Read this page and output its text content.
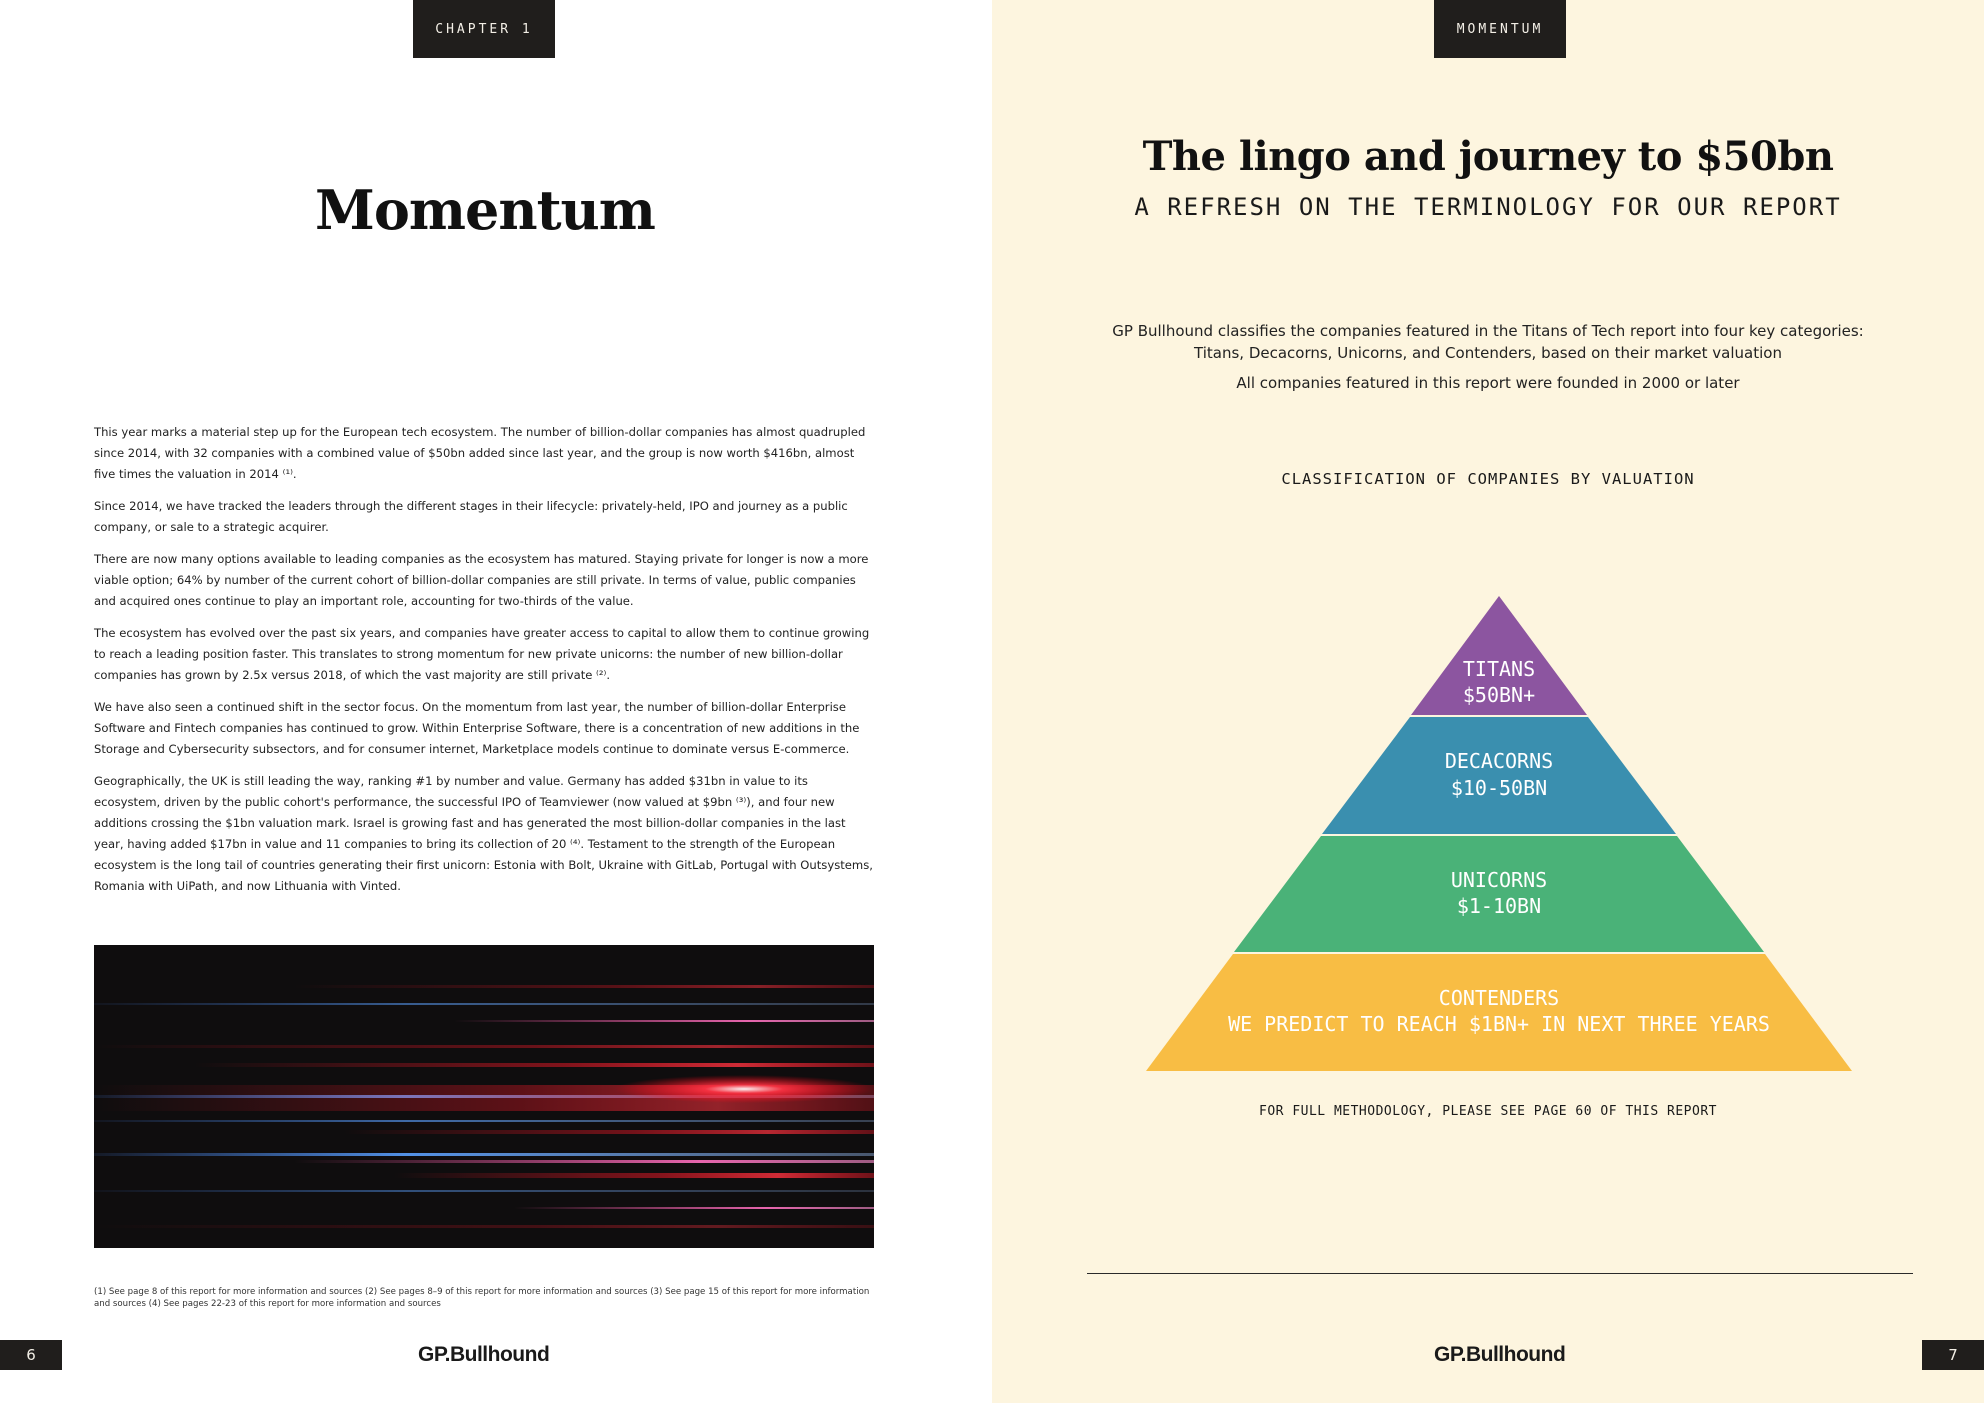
CHAPTER 1
Momentum

This year marks a material step up for the European tech ecosystem. The number of billion-dollar companies has almost quadrupled since 2014, with 32 companies with a combined value of $50bn added since last year, and the group is now worth $416bn, almost five times the valuation in 2014 ⁽¹⁾.

Since 2014, we have tracked the leaders through the different stages in their lifecycle: privately-held, IPO and journey as a public company, or sale to a strategic acquirer.

There are now many options available to leading companies as the ecosystem has matured. Staying private for longer is now a more viable option; 64% by number of the current cohort of billion-dollar companies are still private. In terms of value, public companies and acquired ones continue to play an important role, accounting for two-thirds of the value.

The ecosystem has evolved over the past six years, and companies have greater access to capital to allow them to continue growing to reach a leading position faster. This translates to strong momentum for new private unicorns: the number of new billion-dollar companies has grown by 2.5x versus 2018, of which the vast majority are still private ⁽²⁾.

We have also seen a continued shift in the sector focus. On the momentum from last year, the number of billion-dollar Enterprise Software and Fintech companies has continued to grow. Within Enterprise Software, there is a concentration of new additions in the Storage and Cybersecurity subsectors, and for consumer internet, Marketplace models continue to dominate versus E-commerce.

Geographically, the UK is still leading the way, ranking #1 by number and value. Germany has added $31bn in value to its ecosystem, driven by the public cohort's performance, the successful IPO of Teamviewer (now valued at $9bn ⁽³⁾), and four new additions crossing the $1bn valuation mark. Israel is growing fast and has generated the most billion-dollar companies in the last year, having added $17bn in value and 11 companies to bring its collection of 20 ⁽⁴⁾. Testament to the strength of the European ecosystem is the long tail of countries generating their first unicorn: Estonia with Bolt, Ukraine with GitLab, Portugal with Outsystems, Romania with UiPath, and now Lithuania with Vinted.

(1) See page 8 of this report for more information and sources (2) See pages 8–9 of this report for more information and sources (3) See page 15 of this report for more information and sources (4) See pages 22-23 of this report for more information and sources
6	GP.Bullhound
MOMENTUM
The lingo and journey to $50bn
A REFRESH ON THE TERMINOLOGY FOR OUR REPORT

GP Bullhound classifies the companies featured in the Titans of Tech report into four key categories: Titans, Decacorns, Unicorns, and Contenders, based on their market valuation

All companies featured in this report were founded in 2000 or later

CLASSIFICATION OF COMPANIES BY VALUATION
TITANS
$50BN+
DECACORNS
$10-50BN
UNICORNS
$1-10BN
CONTENDERS
WE PREDICT TO REACH $1BN+ IN NEXT THREE YEARS
FOR FULL METHODOLOGY, PLEASE SEE PAGE 60 OF THIS REPORT
7
GP.Bullhound
